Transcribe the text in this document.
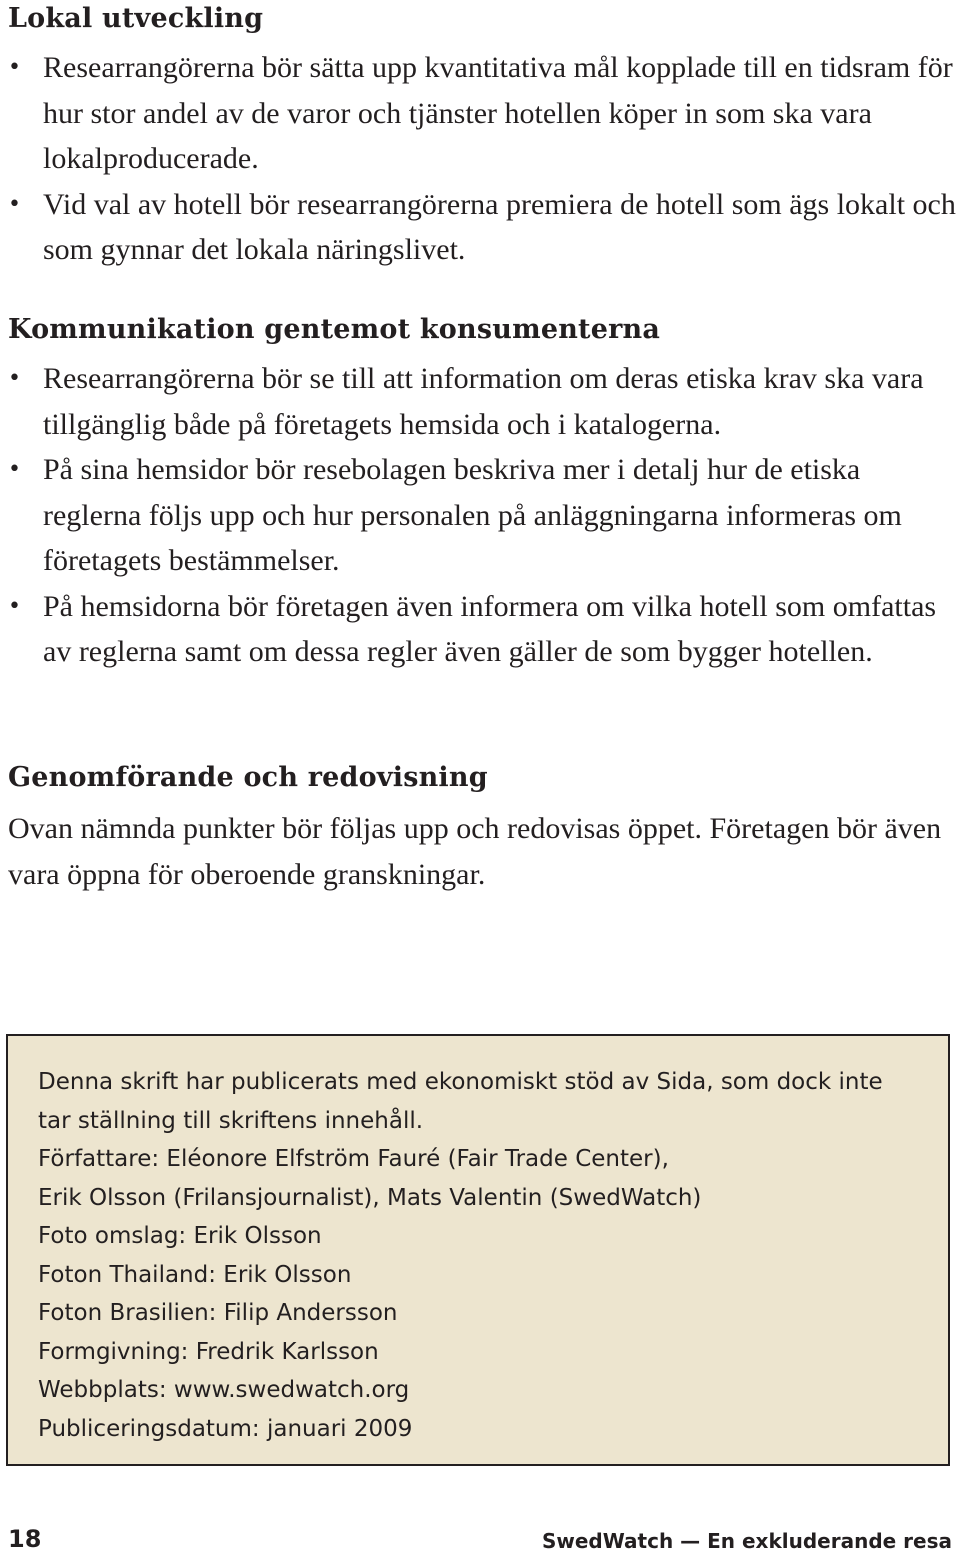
Lokal utveckling
• Researrangörerna bör sätta upp kvantitativa mål kopplade till en tidsram för hur stor andel av de varor och tjänster hotellen köper in som ska vara lokalproducerade.
• Vid val av hotell bör researrangörerna premiera de hotell som ägs lokalt och som gynnar det lokala näringslivet.
Kommunikation gentemot konsumenterna
• Researrangörerna bör se till att information om deras etiska krav ska vara tillgänglig både på företagets hemsida och i katalogerna.
• På sina hemsidor bör resebolagen beskriva mer i detalj hur de etiska reglerna följs upp och hur personalen på anläggningarna informeras om företagets bestämmelser.
• På hemsidorna bör företagen även informera om vilka hotell som omfattas av reglerna samt om dessa regler även gäller de som bygger hotellen.
Genomförande och redovisning

Ovan nämnda punkter bör följas upp och redovisas öppet. Företagen bör även vara öppna för oberoende granskningar.

Denna skrift har publicerats med ekonomiskt stöd av Sida, som dock inte
tar ställning till skriftens innehåll.
Författare: Eléonore Elfström Fauré (Fair Trade Center),
Erik Olsson (Frilansjournalist), Mats Valentin (SwedWatch)
Foto omslag: Erik Olsson
Foton Thailand: Erik Olsson
Foton Brasilien: Filip Andersson
Formgivning: Fredrik Karlsson
Webbplats: www.swedwatch.org
Publiceringsdatum: januari 2009
18	SwedWatch — En exkluderande resa
